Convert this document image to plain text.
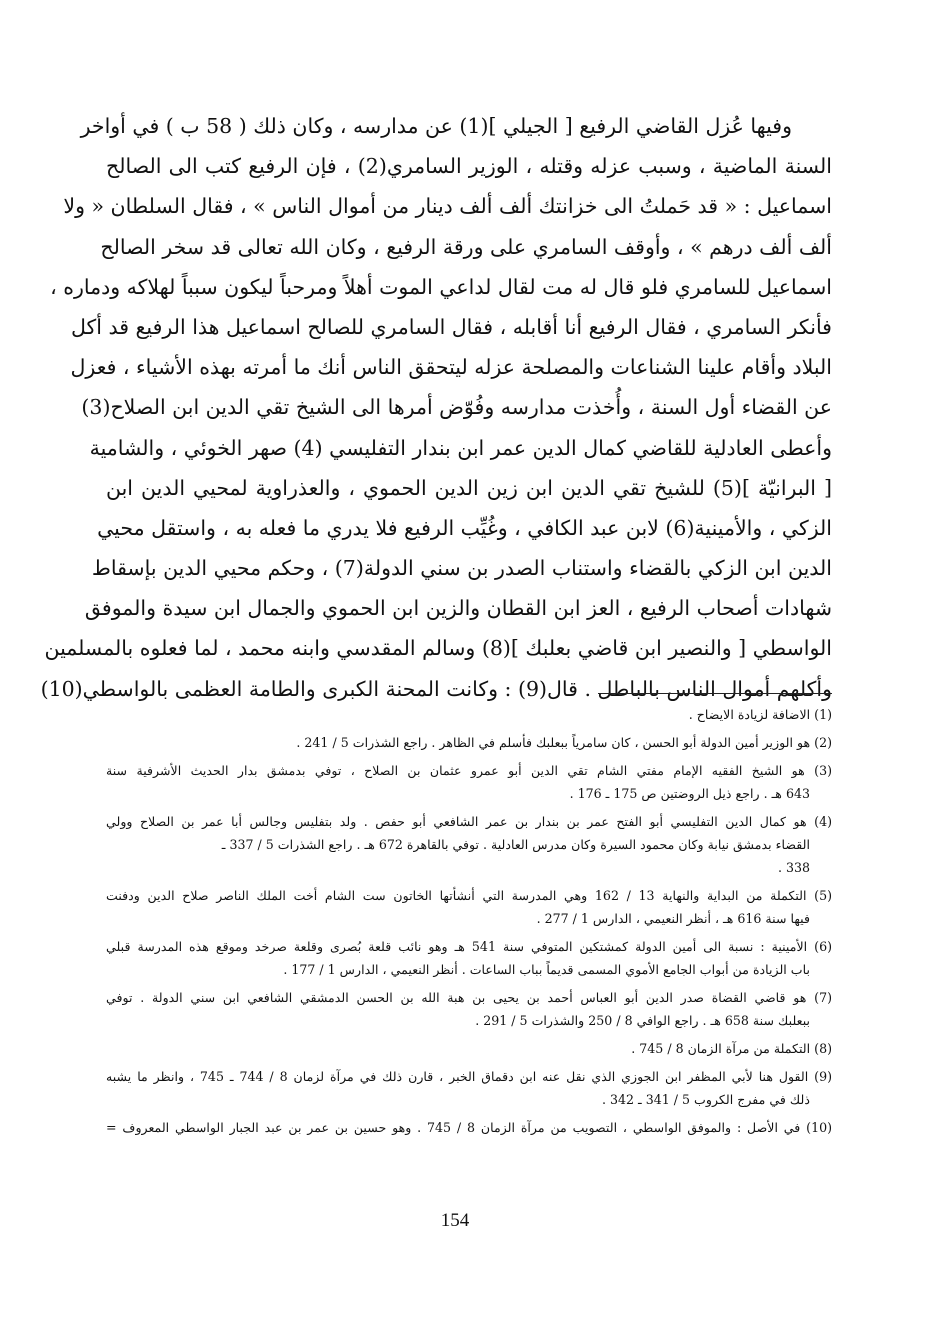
وفيها عُزل القاضي الرفيع [ الجيلي ](1) عن مدارسه ، وكان ذلك ( 58 ب ) في أواخر
السنة الماضية ، وسبب عزله وقتله ، الوزير السامري(2) ، فإن الرفيع كتب الى الصالح
اسماعيل : « قد حَملتُ الى خزانتك ألف ألف دينار من أموال الناس » ، فقال السلطان « ولا
ألف ألف درهم » ، وأوقف السامري على ورقة الرفيع ، وكان الله تعالى قد سخر الصالح
اسماعيل للسامري فلو قال له مت لقال لداعي الموت أهلاً ومرحباً ليكون سبباً لهلاكه ودماره ،
فأنكر السامري ، فقال الرفيع أنا أقابله ، فقال السامري للصالح اسماعيل هذا الرفيع قد أكل
البلاد وأقام علينا الشناعات والمصلحة عزله ليتحقق الناس أنك ما أمرته بهذه الأشياء ، فعزل
عن القضاء أول السنة ، وأُخذت مدارسه وفُوّض أمرها الى الشيخ تقي الدين ابن الصلاح(3)
وأعطى العادلية للقاضي كمال الدين عمر ابن بندار التفليسي (4) صهر الخوئي ، والشامية
[ البرانيّة ](5) للشيخ تقي الدين ابن زين الدين الحموي ، والعذراوية لمحيي الدين ابن
الزكي ، والأمينية(6) لابن عبد الكافي ، وغُيِّب الرفيع فلا يدري ما فعله به ، واستقل محيي
الدين ابن الزكي بالقضاء واستناب الصدر بن سني الدولة(7) ، وحكم محيي الدين بإسقاط
شهادات أصحاب الرفيع ، العز ابن القطان والزين ابن الحموي والجمال ابن سيدة والموفق
الواسطي [ والنصير ابن قاضي بعلبك ](8) وسالم المقدسي وابنه محمد ، لما فعلوه بالمسلمين
وأكلهم أموال الناس بالباطل . قال(9) : وكانت المحنة الكبرى والطامة العظمى بالواسطي(10)
(1) الاضافة لزيادة الايضاح .
(2) هو الوزير أمين الدولة أبو الحسن ، كان سامرياً ببعلبك فأسلم في الظاهر . راجع الشذرات 5 / 241 .
(3) هو الشيخ الفقيه الإمام مفتي الشام تقي الدين أبو عمرو عثمان بن الصلاح ، توفي بدمشق بدار الحديث الأشرفية سنة
643 هـ . راجع ذيل الروضتين ص 175 ـ 176 .
(4) هو كمال الدين التفليسي أبو الفتح عمر بن بندار بن عمر الشافعي أبو حفص . ولد بتفليس وجالس أبا عمر بن الصلاح وولي
القضاء بدمشق نيابة وكان محمود السيرة وكان مدرس العادلية . توفي بالقاهرة 672 هـ . راجع الشذرات 5 / 337 ـ
338 .
(5) التكملة من البداية والنهاية 13 / 162 وهي المدرسة التي أنشأتها الخاتون ست الشام أخت الملك الناصر صلاح الدين ودفنت
فيها سنة 616 هـ ، أنظر النعيمي ، الدارس 1 / 277 .
(6) الأمينية : نسبة الى أمين الدولة كمشتكين المتوفي سنة 541 هـ وهو نائب قلعة بُصرى وقلعة صرخد وموقع هذه المدرسة قبلي
باب الزيادة من أبواب الجامع الأموي المسمى قديماً بباب الساعات . أنظر النعيمي ، الدارس 1 / 177 .
(7) هو قاضي القضاة صدر الدين أبو العباس أحمد بن يحيى بن هبة الله بن الحسن الدمشقي الشافعي ابن سني الدولة . توفي
ببعلبك سنة 658 هـ . راجع الوافي 8 / 250 والشذرات 5 / 291 .
(8) التكملة من مرآة الزمان 8 / 745 .
(9) القول هنا لأبي المظفر ابن الجوزي الذي نقل عنه ابن دقماق الخبر ، قارن ذلك في مرآة لزمان 8 / 744 ـ 745 ، وانظر ما يشبه
ذلك في مفرج الكروب 5 / 341 ـ 342 .
(10) في الأصل : والموفق الواسطي ، التصويب من مرآة الزمان 8 / 745 . وهو حسين بن عمر بن عبد الجبار الواسطي المعروف =
154
